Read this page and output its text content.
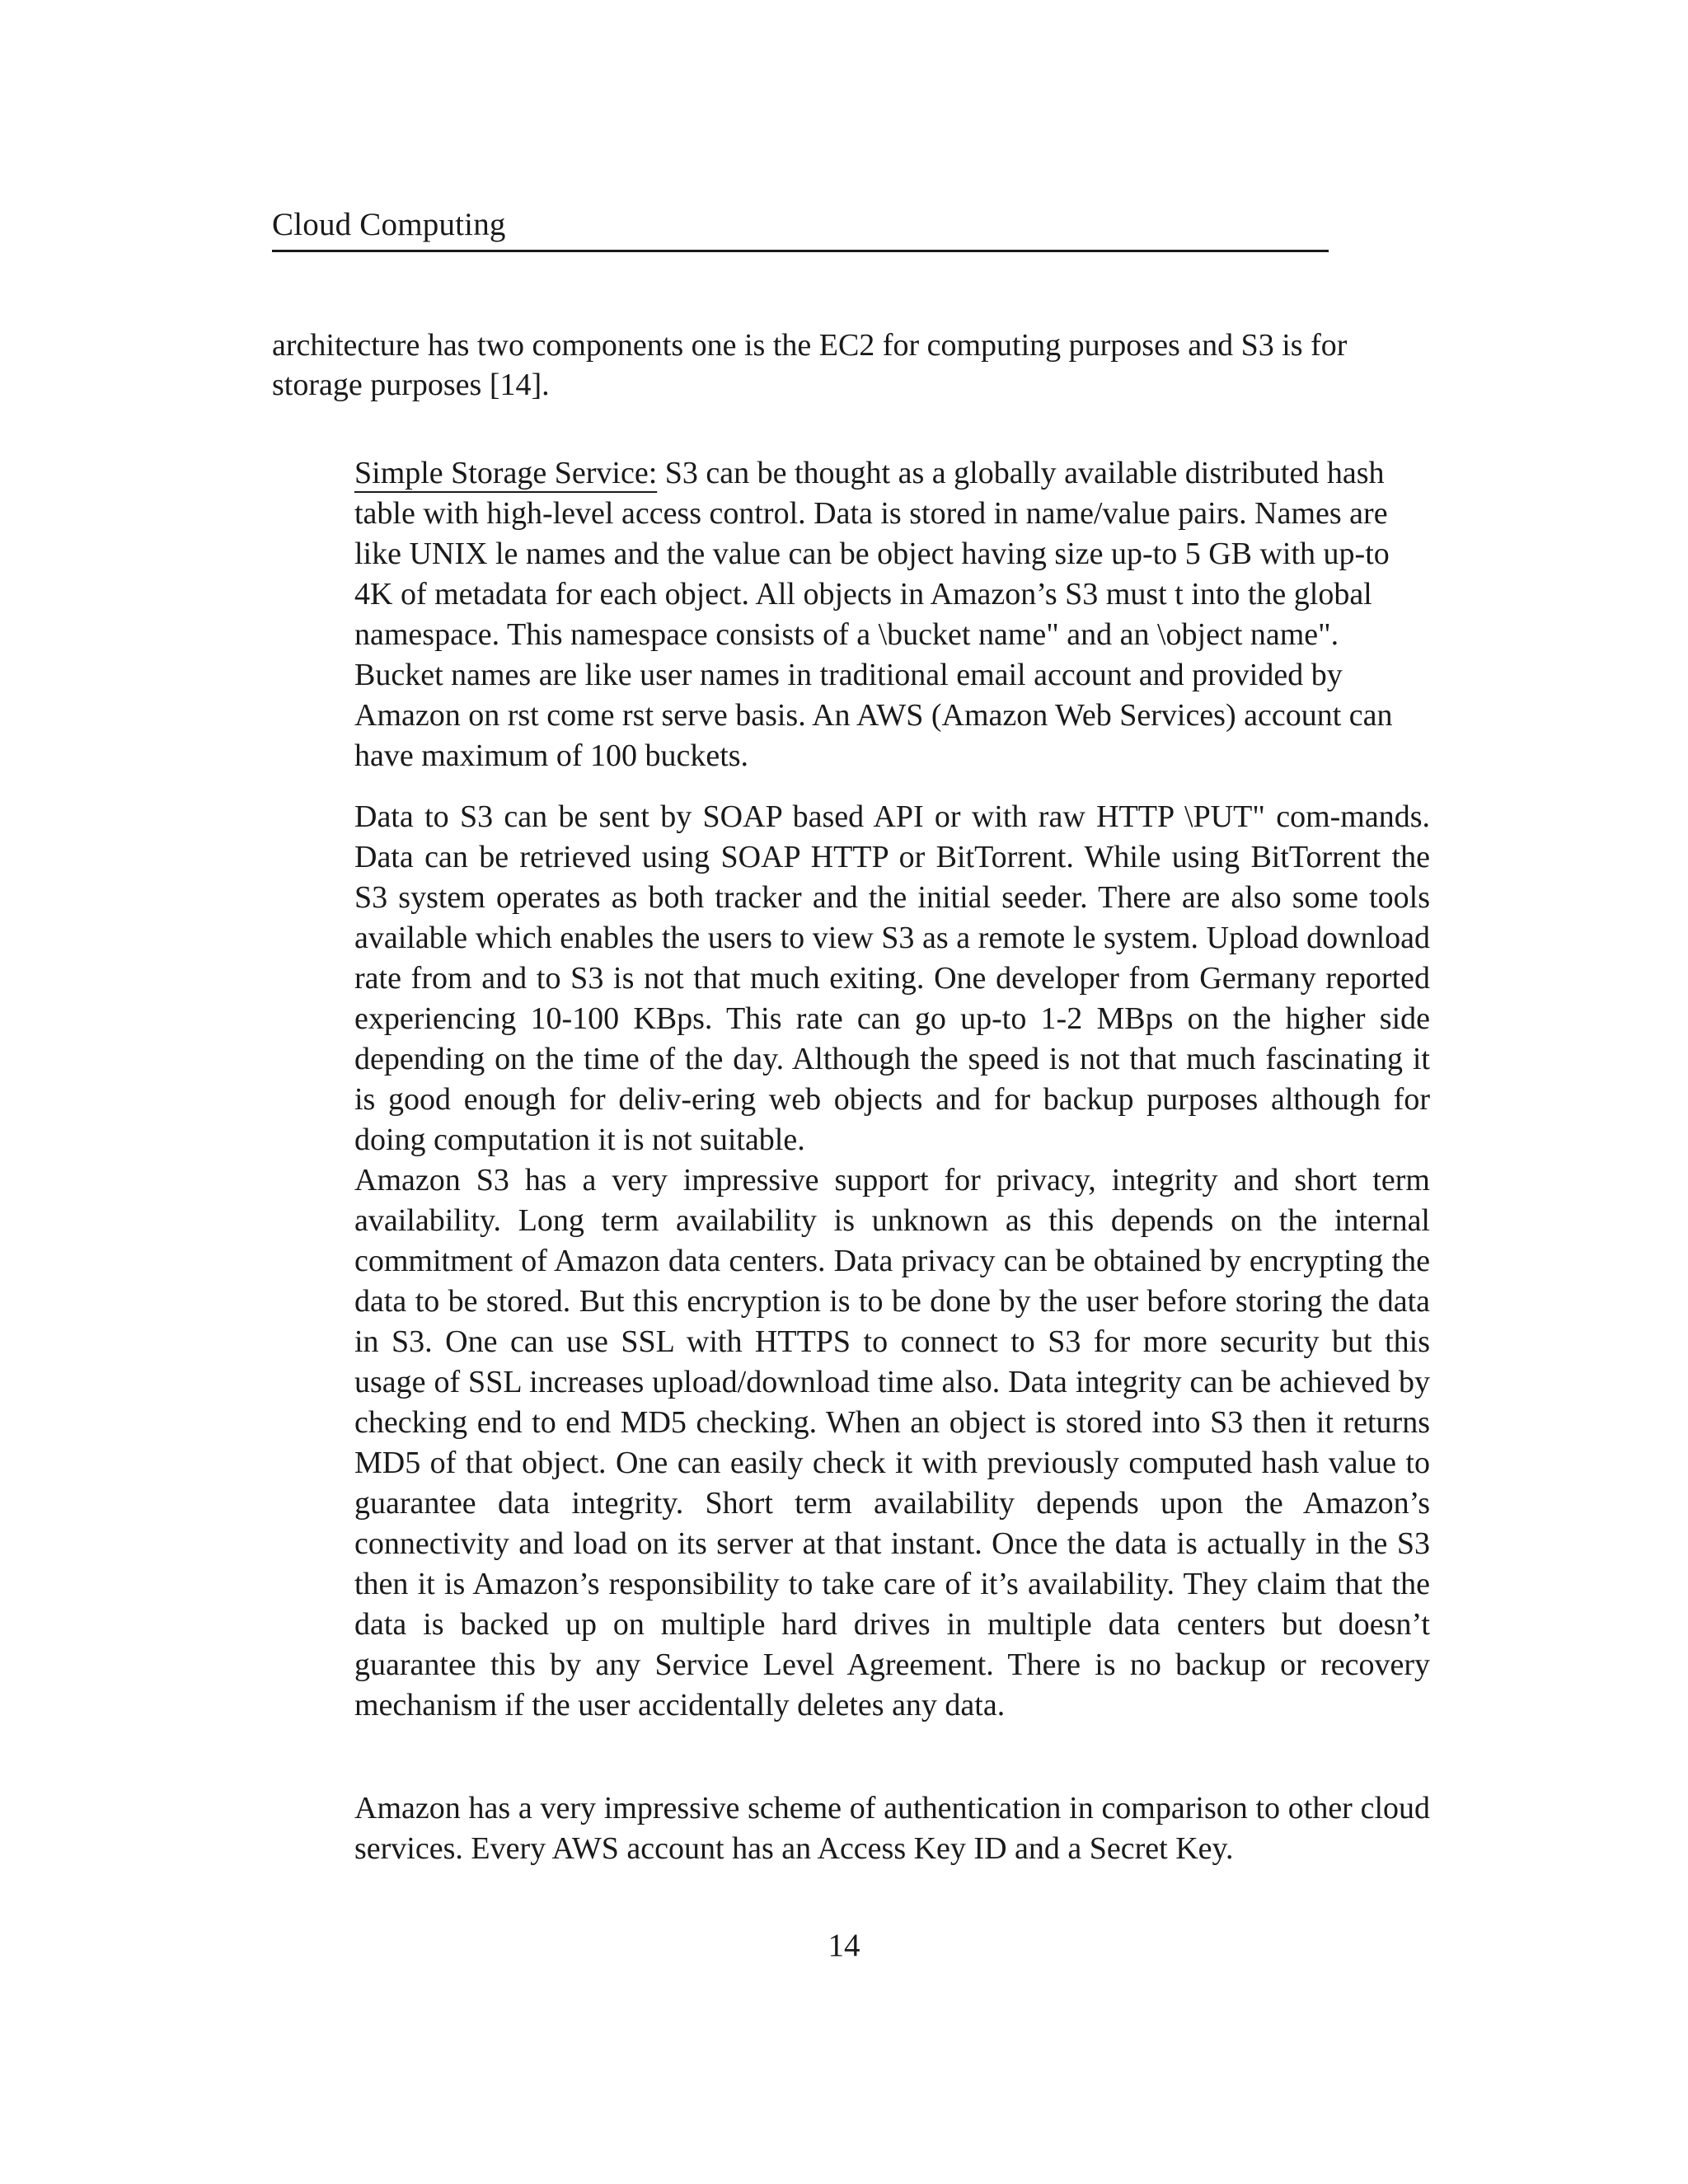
Cloud Computing

architecture has two components one is the EC2 for computing purposes and S3 is for storage purposes [14].

Simple Storage Service: S3 can be thought as a globally available distributed hash table with high-level access control. Data is stored in name/value pairs. Names are like UNIX le names and the value can be object having size up-to 5 GB with up-to 4K of metadata for each object. All objects in Amazon’s S3 must t into the global namespace. This namespace consists of a \bucket name" and an \object name". Bucket names are like user names in traditional email account and provided by Amazon on rst come rst serve basis. An AWS (Amazon Web Services) account can have maximum of 100 buckets.

Data to S3 can be sent by SOAP based API or with raw HTTP \PUT" com-mands. Data can be retrieved using SOAP HTTP or BitTorrent. While using BitTorrent the S3 system operates as both tracker and the initial seeder. There are also some tools available which enables the users to view S3 as a remote le system. Upload download rate from and to S3 is not that much exiting. One developer from Germany reported experiencing 10-100 KBps. This rate can go up-to 1-2 MBps on the higher side depending on the time of the day. Although the speed is not that much fascinating it is good enough for deliv-ering web objects and for backup purposes although for doing computation it is not suitable.

Amazon S3 has a very impressive support for privacy, integrity and short term availability. Long term availability is unknown as this depends on the internal commitment of Amazon data centers. Data privacy can be obtained by encrypting the data to be stored. But this encryption is to be done by the user before storing the data in S3. One can use SSL with HTTPS to connect to S3 for more security but this usage of SSL increases upload/download time also. Data integrity can be achieved by checking end to end MD5 checking. When an object is stored into S3 then it returns MD5 of that object. One can easily check it with previously computed hash value to guarantee data integrity. Short term availability depends upon the Amazon’s connectivity and load on its server at that instant. Once the data is actually in the S3 then it is Amazon’s responsibility to take care of it’s availability. They claim that the data is backed up on multiple hard drives in multiple data centers but doesn’t guarantee this by any Service Level Agreement. There is no backup or recovery mechanism if the user accidentally deletes any data.

Amazon has a very impressive scheme of authentication in comparison to other cloud services. Every AWS account has an Access Key ID and a Secret Key.

14
